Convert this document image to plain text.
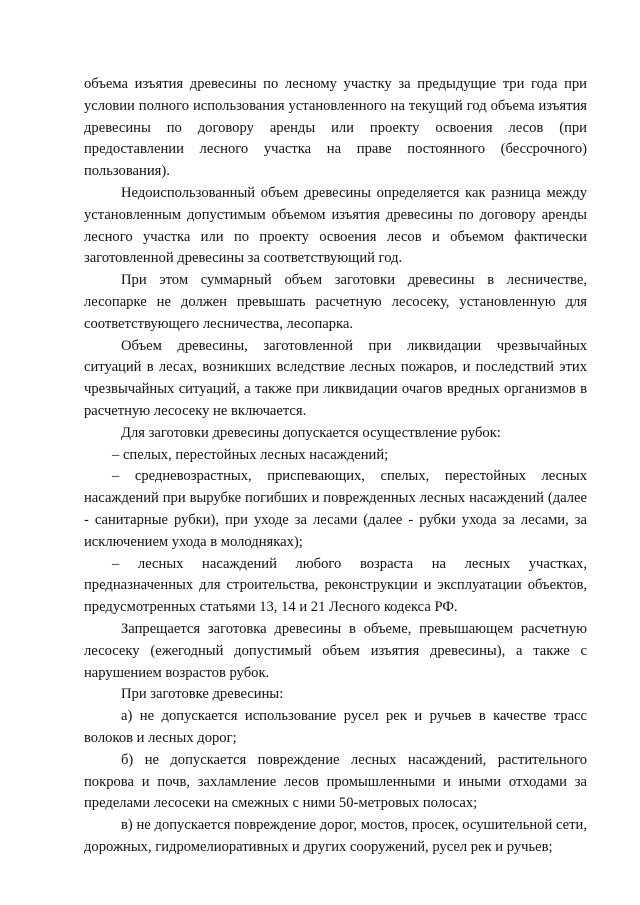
объема изъятия древесины по лесному участку за предыдущие три года при условии полного использования установленного на текущий год объема изъятия древесины по договору аренды или проекту освоения лесов (при предоставлении лесного участка на праве постоянного (бессрочного) пользования).

Недоиспользованный объем древесины определяется как разница между установленным допустимым объемом изъятия древесины по договору аренды лесного участка или по проекту освоения лесов и объемом фактически заготовленной древесины за соответствующий год.

При этом суммарный объем заготовки древесины в лесничестве, лесопарке не должен превышать расчетную лесосеку, установленную для соответствующего лесничества, лесопарка.

Объем древесины, заготовленной при ликвидации чрезвычайных ситуаций в лесах, возникших вследствие лесных пожаров, и последствий этих чрезвычайных ситуаций, а также при ликвидации очагов вредных организмов в расчетную лесосеку не включается.

Для заготовки древесины допускается осуществление рубок:

– спелых, перестойных лесных насаждений;

– средневозрастных, приспевающих, спелых, перестойных лесных насаждений при вырубке погибших и поврежденных лесных насаждений (далее - санитарные рубки), при уходе за лесами (далее - рубки ухода за лесами, за исключением ухода в молодняках);

– лесных насаждений любого возраста на лесных участках, предназначенных для строительства, реконструкции и эксплуатации объектов, предусмотренных статьями 13, 14 и 21 Лесного кодекса РФ.

Запрещается заготовка древесины в объеме, превышающем расчетную лесосеку (ежегодный допустимый объем изъятия древесины), а также с нарушением возрастов рубок.

При заготовке древесины:

а) не допускается использование русел рек и ручьев в качестве трасс волоков и лесных дорог;

б) не допускается повреждение лесных насаждений, растительного покрова и почв, захламление лесов промышленными и иными отходами за пределами лесосеки на смежных с ними 50-метровых полосах;

в) не допускается повреждение дорог, мостов, просек, осушительной сети, дорожных, гидромелиоративных и других сооружений, русел рек и ручьев;
